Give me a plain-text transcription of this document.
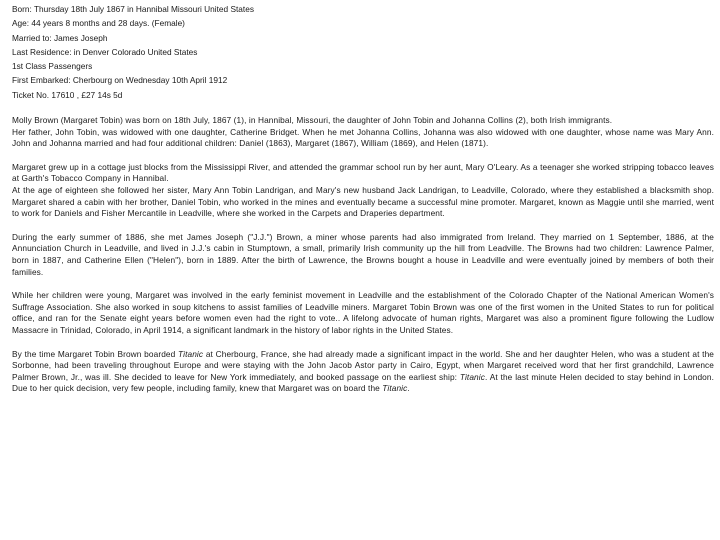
Born: Thursday 18th July 1867 in Hannibal Missouri United States
Age: 44 years 8 months and 28 days. (Female)
Married to: James Joseph
Last Residence: in Denver Colorado United States
1st Class Passengers
First Embarked: Cherbourg on Wednesday 10th April 1912
Ticket No. 17610 , £27 14s 5d

Molly Brown (Margaret Tobin) was born on 18th July, 1867 (1), in Hannibal, Missouri, the daughter of John Tobin and Johanna Collins (2), both Irish immigrants.

Her father, John Tobin, was widowed with one daughter, Catherine Bridget. When he met Johanna Collins, Johanna was also widowed with one daughter, whose name was Mary Ann. John and Johanna married and had four additional children: Daniel (1863), Margaret (1867), William (1869), and Helen (1871).

Margaret grew up in a cottage just blocks from the Mississippi River, and attended the grammar school run by her aunt, Mary O'Leary. As a teenager she worked stripping tobacco leaves at Garth's Tobacco Company in Hannibal.

At the age of eighteen she followed her sister, Mary Ann Tobin Landrigan, and Mary's new husband Jack Landrigan, to Leadville, Colorado, where they established a blacksmith shop. Margaret shared a cabin with her brother, Daniel Tobin, who worked in the mines and eventually became a successful mine promoter. Margaret, known as Maggie until she married, went to work for Daniels and Fisher Mercantile in Leadville, where she worked in the Carpets and Draperies department.

During the early summer of 1886, she met James Joseph ("J.J.") Brown, a miner whose parents had also immigrated from Ireland. They married on 1 September, 1886, at the Annunciation Church in Leadville, and lived in J.J.'s cabin in Stumptown, a small, primarily Irish community up the hill from Leadville. The Browns had two children: Lawrence Palmer, born in 1887, and Catherine Ellen ("Helen"), born in 1889. After the birth of Lawrence, the Browns bought a house in Leadville and were eventually joined by members of both their families.

While her children were young, Margaret was involved in the early feminist movement in Leadville and the establishment of the Colorado Chapter of the National American Women's Suffrage Association. She also worked in soup kitchens to assist families of Leadville miners. Margaret Tobin Brown was one of the first women in the United States to run for political office, and ran for the Senate eight years before women even had the right to vote.. A lifelong advocate of human rights, Margaret was also a prominent figure following the Ludlow Massacre in Trinidad, Colorado, in April 1914, a significant landmark in the history of labor rights in the United States.

By the time Margaret Tobin Brown boarded Titanic at Cherbourg, France, she had already made a significant impact in the world. She and her daughter Helen, who was a student at the Sorbonne, had been traveling throughout Europe and were staying with the John Jacob Astor party in Cairo, Egypt, when Margaret received word that her first grandchild, Lawrence Palmer Brown, Jr., was ill. She decided to leave for New York immediately, and booked passage on the earliest ship: Titanic. At the last minute Helen decided to stay behind in London. Due to her quick decision, very few people, including family, knew that Margaret was on board the Titanic.
